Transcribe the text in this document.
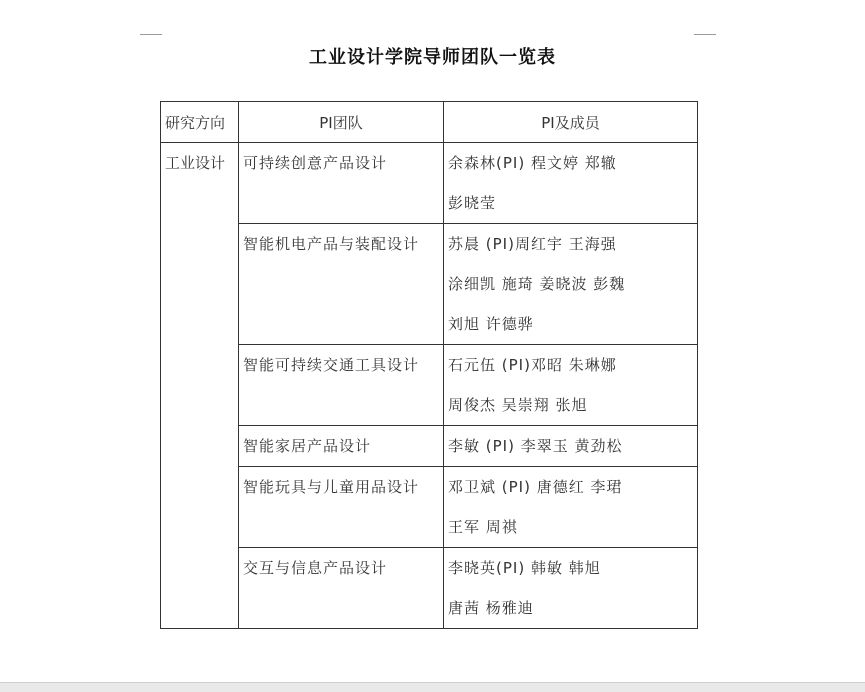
工业设计学院导师团队一览表
研究方向	PI团队	PI及成员

工业设计	可持续创意产品设计	余森林(PI) 程文婷 郑辙
彭晓莹

	智能机电产品与装配设计	苏晨 (PI)周红宇 王海强
涂细凯 施琦 姜晓波 彭魏
刘旭 许德骅

	智能可持续交通工具设计	石元伍 (PI)邓昭 朱琳娜
周俊杰 吴崇翔 张旭

	智能家居产品设计	李敏 (PI) 李翠玉 黄劲松

	智能玩具与儿童用品设计	邓卫斌 (PI) 唐德红 李珺
王军 周祺

	交互与信息产品设计	李晓英(PI) 韩敏 韩旭
唐茜 杨雅迪
